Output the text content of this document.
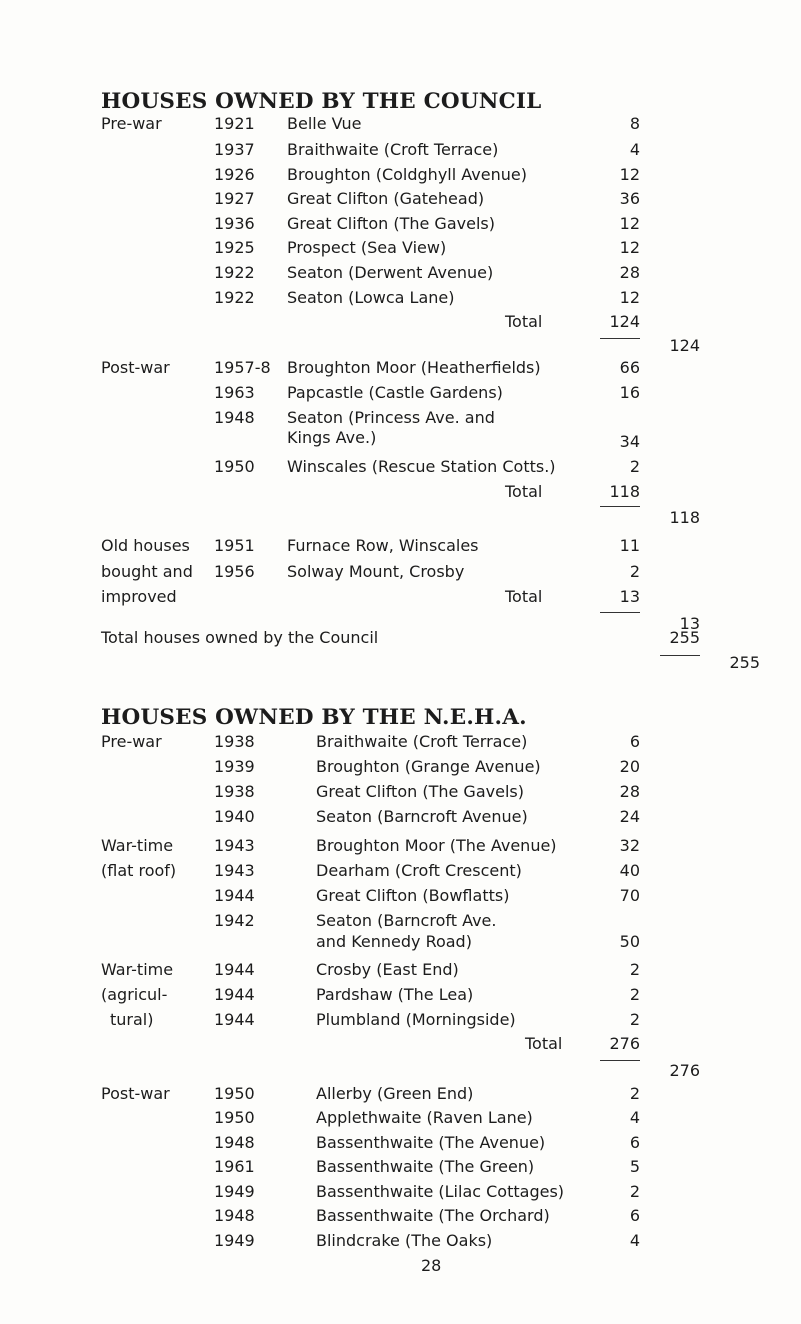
HOUSES OWNED BY THE COUNCIL
Pre-war	1921 Belle Vue	8
1937 Braithwaite (Croft Terrace)	4
1926 Broughton (Coldghyll Avenue)	12
1927 Great Clifton (Gatehead)	36
1936 Great Clifton (The Gavels)	12
1925 Prospect (Sea View)	12
1922 Seaton (Derwent Avenue)	28
1922 Seaton (Lowca Lane)	12
Total	124
124
Post-war	1957-8 Broughton Moor (Heatherfields)	66
1963 Papcastle (Castle Gardens)	16
1948 Seaton (Princess Ave. and
Kings Ave.)	34
1950 Winscales (Rescue Station Cotts.)	2
Total	118
118
Old houses
bought and
improved
1951 Furnace Row, Winscales	11
1956 Solway Mount, Crosby	2
Total	13
13
Total houses owned by the Council	255
255
HOUSES OWNED BY THE N.E.H.A.
Pre-war	1938	Braithwaite (Croft Terrace)	6
1939	Broughton (Grange Avenue)	20
1938	Great Clifton (The Gavels)	28
1940	Seaton (Barncroft Avenue)	24
War-time
(flat roof)
1943	Broughton Moor (The Avenue)	32
1943	Dearham (Croft Crescent)	40
1944	Great Clifton (Bowflatts)	70
1942	Seaton (Barncroft Ave.
and Kennedy Road)	50
War-time
(agricul-
tural)
1944	Crosby (East End)	2
1944	Pardshaw (The Lea)	2
1944	Plumbland (Morningside)	2
Total	276
276
Post-war	1950	Allerby (Green End)	2
1950	Applethwaite (Raven Lane)	4
1948	Bassenthwaite (The Avenue)	6
1961	Bassenthwaite (The Green)	5
1949	Bassenthwaite (Lilac Cottages)	2
1948	Bassenthwaite (The Orchard)	6
1949	Blindcrake (The Oaks)	4
28
